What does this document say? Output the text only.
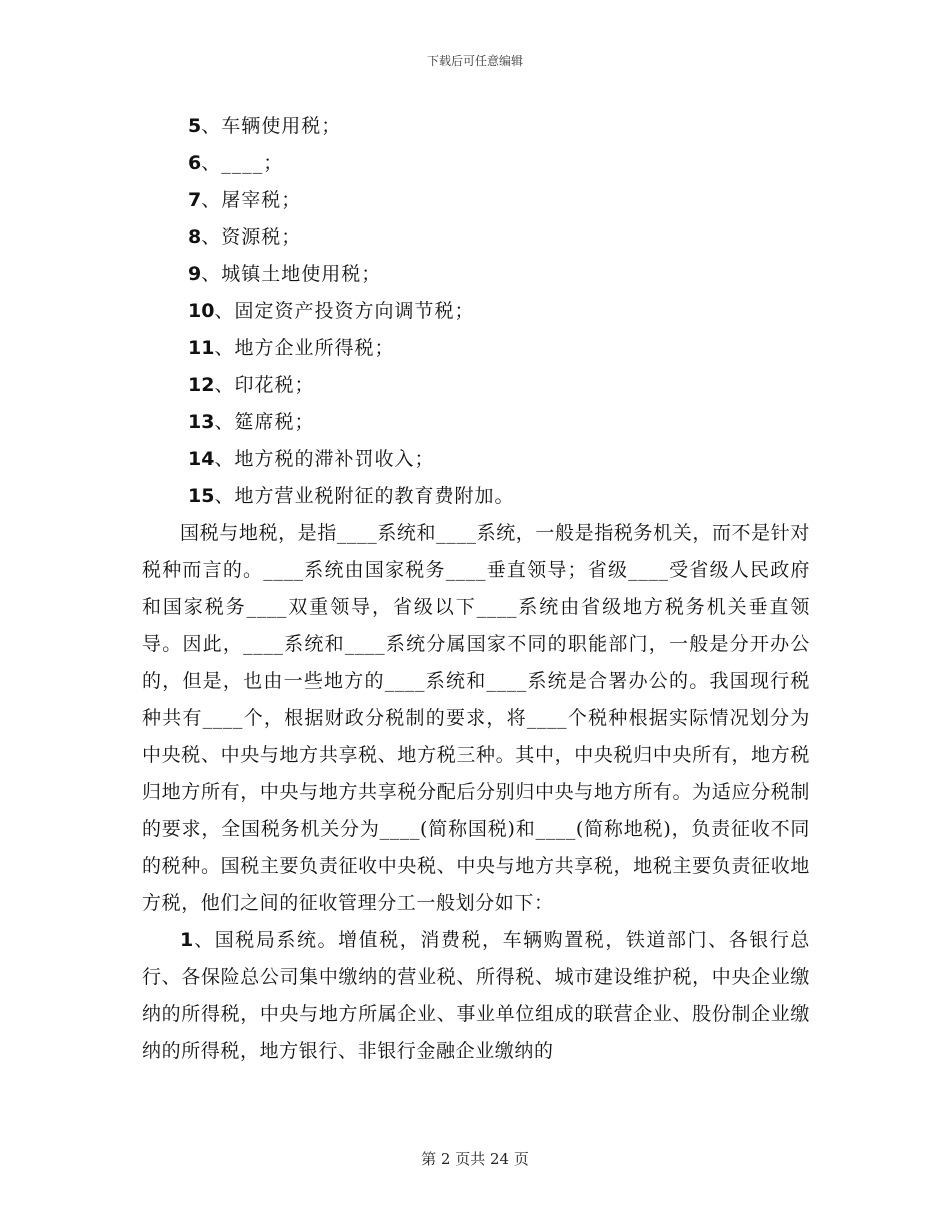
下载后可任意编辑
5、车辆使用税；
6、____；
7、屠宰税；
8、资源税；
9、城镇土地使用税；
10、固定资产投资方向调节税；
11、地方企业所得税；
12、印花税；
13、筵席税；
14、地方税的滞补罚收入；
15、地方营业税附征的教育费附加。

国税与地税，是指____系统和____系统，一般是指税务机关，而不是针对税种而言的。____系统由国家税务____垂直领导；省级____受省级人民政府和国家税务____双重领导，省级以下____系统由省级地方税务机关垂直领导。因此，____系统和____系统分属国家不同的职能部门，一般是分开办公的，但是，也由一些地方的____系统和____系统是合署办公的。我国现行税种共有____个，根据财政分税制的要求，将____个税种根据实际情况划分为中央税、中央与地方共享税、地方税三种。其中，中央税归中央所有，地方税归地方所有，中央与地方共享税分配后分别归中央与地方所有。为适应分税制的要求，全国税务机关分为____(简称国税)和____(简称地税)，负责征收不同的税种。国税主要负责征收中央税、中央与地方共享税，地税主要负责征收地方税，他们之间的征收管理分工一般划分如下：

1、国税局系统。增值税，消费税，车辆购置税，铁道部门、各银行总行、各保险总公司集中缴纳的营业税、所得税、城市建设维护税，中央企业缴纳的所得税，中央与地方所属企业、事业单位组成的联营企业、股份制企业缴纳的所得税，地方银行、非银行金融企业缴纳的

第 2 页共 24 页
